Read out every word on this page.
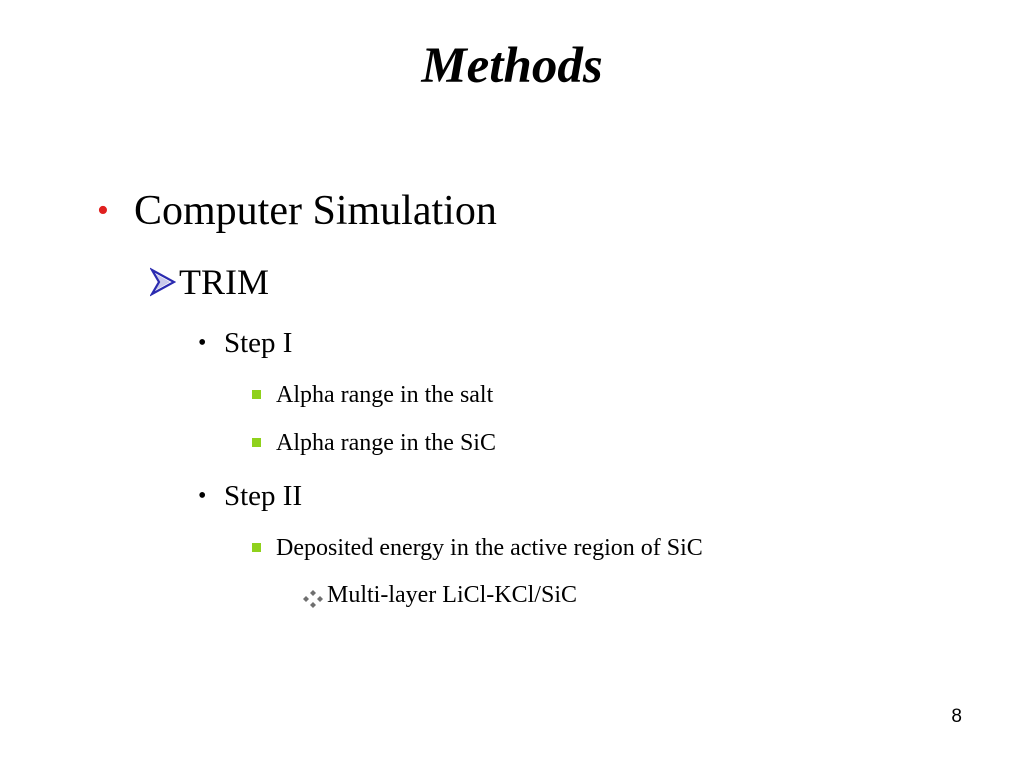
Methods
• Computer Simulation
TRIM
• Step I
Alpha range in the salt
Alpha range in the SiC
• Step II
Deposited energy in the active region of SiC
Multi-layer LiCl-KCl/SiC
8
